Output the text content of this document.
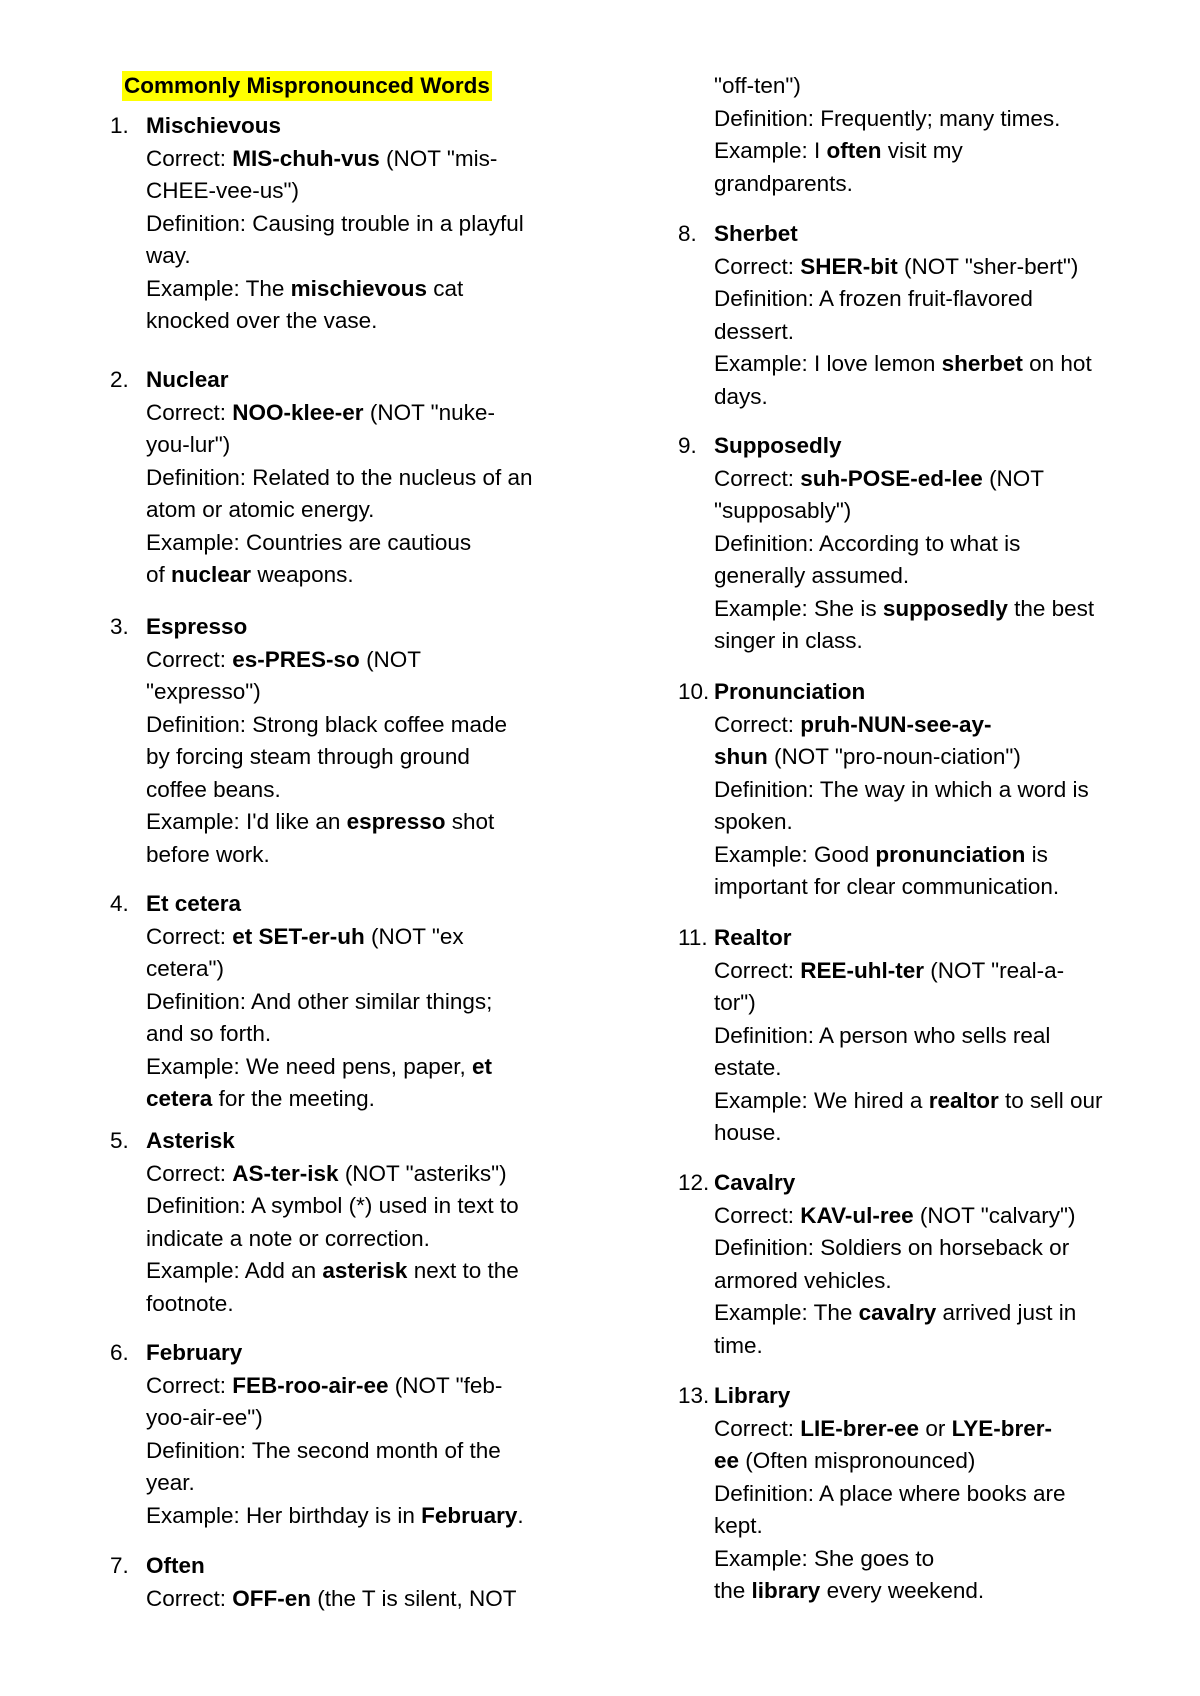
Commonly Mispronounced Words
1. Mischievous
Correct: MIS-chuh-vus (NOT "mis-
CHEE-vee-us")
Definition: Causing trouble in a playful
way.
Example: The mischievous cat
knocked over the vase.
2. Nuclear
Correct: NOO-klee-er (NOT "nuke-
you-lur")
Definition: Related to the nucleus of an
atom or atomic energy.
Example: Countries are cautious
of nuclear weapons.
3. Espresso
Correct: es-PRES-so (NOT
"expresso")
Definition: Strong black coffee made
by forcing steam through ground
coffee beans.
Example: I'd like an espresso shot
before work.
4. Et cetera
Correct: et SET-er-uh (NOT "ex
cetera")
Definition: And other similar things;
and so forth.
Example: We need pens, paper, et
cetera for the meeting.
5. Asterisk
Correct: AS-ter-isk (NOT "asteriks")
Definition: A symbol (*) used in text to
indicate a note or correction.
Example: Add an asterisk next to the
footnote.
6. February
Correct: FEB-roo-air-ee (NOT "feb-
yoo-air-ee")
Definition: The second month of the
year.
Example: Her birthday is in February.
7. Often
Correct: OFF-en (the T is silent, NOT
"off-ten")
Definition: Frequently; many times.
Example: I often visit my
grandparents.
8. Sherbet
Correct: SHER-bit (NOT "sher-bert")
Definition: A frozen fruit-flavored
dessert.
Example: I love lemon sherbet on hot
days.
9. Supposedly
Correct: suh-POSE-ed-lee (NOT
"supposably")
Definition: According to what is
generally assumed.
Example: She is supposedly the best
singer in class.
10. Pronunciation
Correct: pruh-NUN-see-ay-
shun (NOT "pro-noun-ciation")
Definition: The way in which a word is
spoken.
Example: Good pronunciation is
important for clear communication.
11. Realtor
Correct: REE-uhl-ter (NOT "real-a-
tor")
Definition: A person who sells real
estate.
Example: We hired a realtor to sell our
house.
12. Cavalry
Correct: KAV-ul-ree (NOT "calvary")
Definition: Soldiers on horseback or
armored vehicles.
Example: The cavalry arrived just in
time.
13. Library
Correct: LIE-brer-ee or LYE-brer-
ee (Often mispronounced)
Definition: A place where books are
kept.
Example: She goes to
the library every weekend.
